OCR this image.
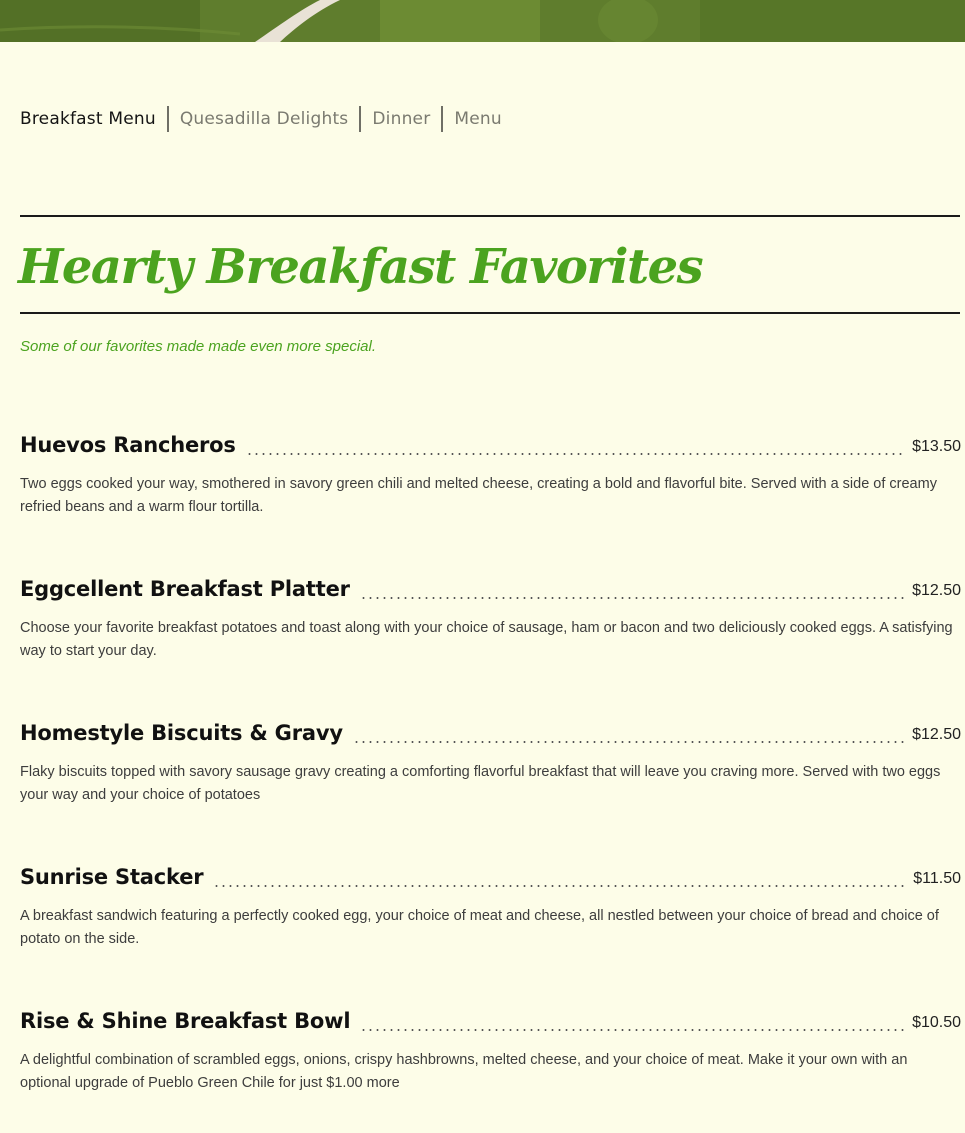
Breakfast Menu Quesadilla Delights Dinner Menu
Hearty Breakfast Favorites

Some of our favorites made made even more special.

Huevos Rancheros	$13.50

Two eggs cooked your way, smothered in savory green chili and melted cheese, creating a bold and flavorful bite. Served with a side of creamy refried beans and a warm flour tortilla.

Eggcellent Breakfast Platter	$12.50

Choose your favorite breakfast potatoes and toast along with your choice of sausage, ham or bacon and two deliciously cooked eggs. A satisfying way to start your day.

Homestyle Biscuits & Gravy	$12.50

Flaky biscuits topped with savory sausage gravy creating a comforting flavorful breakfast that will leave you craving more. Served with two eggs your way and your choice of potatoes

Sunrise Stacker	$11.50

A breakfast sandwich featuring a perfectly cooked egg, your choice of meat and cheese, all nestled between your choice of bread and choice of potato on the side.

Rise & Shine Breakfast Bowl	$10.50

A delightful combination of scrambled eggs, onions, crispy hashbrowns, melted cheese, and your choice of meat. Make it your own with an optional upgrade of Pueblo Green Chile for just $1.00 more
